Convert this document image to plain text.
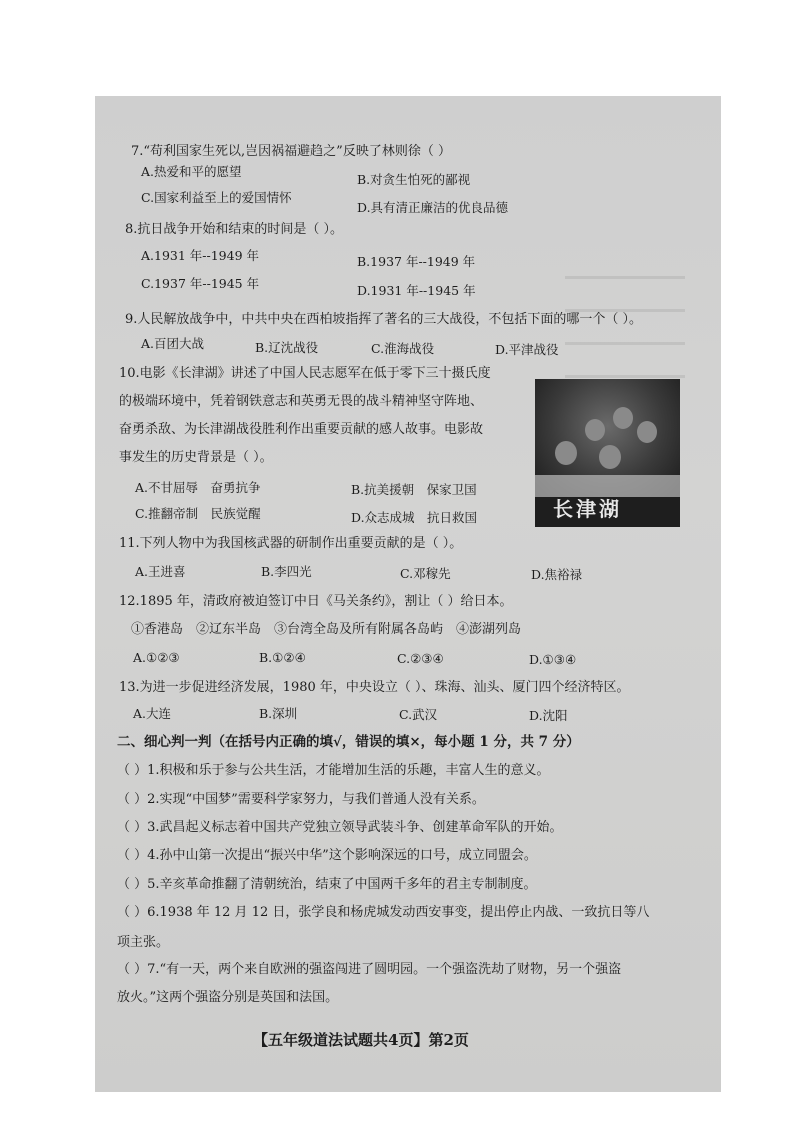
7.“苟利国家生死以,岂因祸福避趋之”反映了林则徐（ ）
A.热爱和平的愿望
B.对贪生怕死的鄙视
C.国家利益至上的爱国情怀
D.具有清正廉洁的优良品德
8.抗日战争开始和结束的时间是（ ）。
A.1931 年--1949 年	B.1937 年--1949 年
C.1937 年--1945 年	D.1931 年--1945 年
9.人民解放战争中，中共中央在西柏坡指挥了著名的三大战役，不包括下面的哪一个（ ）。
A.百团大战	B.辽沈战役	C.淮海战役	D.平津战役
10.电影《长津湖》讲述了中国人民志愿军在低于零下三十摄氏度
的极端环境中，凭着钢铁意志和英勇无畏的战斗精神坚守阵地、
奋勇杀敌、为长津湖战役胜利作出重要贡献的感人故事。电影故
事发生的历史背景是（ ）。
A.不甘屈辱　奋勇抗争	B.抗美援朝　保家卫国
C.推翻帝制　民族觉醒	D.众志成城　抗日救国	长津湖
11.下列人物中为我国核武器的研制作出重要贡献的是（ ）。
A.王进喜	B.李四光	C.邓稼先	D.焦裕禄
12.1895 年，清政府被迫签订中日《马关条约》，割让（ ）给日本。
①香港岛　②辽东半岛　③台湾全岛及所有附属各岛屿　④澎湖列岛
A.①②③	B.①②④	C.②③④	D.①③④
13.为进一步促进经济发展，1980 年，中央设立（ ）、珠海、汕头、厦门四个经济特区。
A.大连	B.深圳	C.武汉	D.沈阳
二、细心判一判（在括号内正确的填√，错误的填×，每小题 1 分，共 7 分）
（ ）1.积极和乐于参与公共生活，才能增加生活的乐趣，丰富人生的意义。
（ ）2.实现“中国梦”需要科学家努力，与我们普通人没有关系。
（ ）3.武昌起义标志着中国共产党独立领导武装斗争、创建革命军队的开始。
（ ）4.孙中山第一次提出“振兴中华”这个影响深远的口号，成立同盟会。
（ ）5.辛亥革命推翻了清朝统治，结束了中国两千多年的君主专制制度。
（ ）6.1938 年 12 月 12 日，张学良和杨虎城发动西安事变，提出停止内战、一致抗日等八
项主张。
（ ）7.“有一天，两个来自欧洲的强盗闯进了圆明园。一个强盗洗劫了财物，另一个强盗
放火。”这两个强盗分别是英国和法国。
【五年级道法试题共4页】第2页
